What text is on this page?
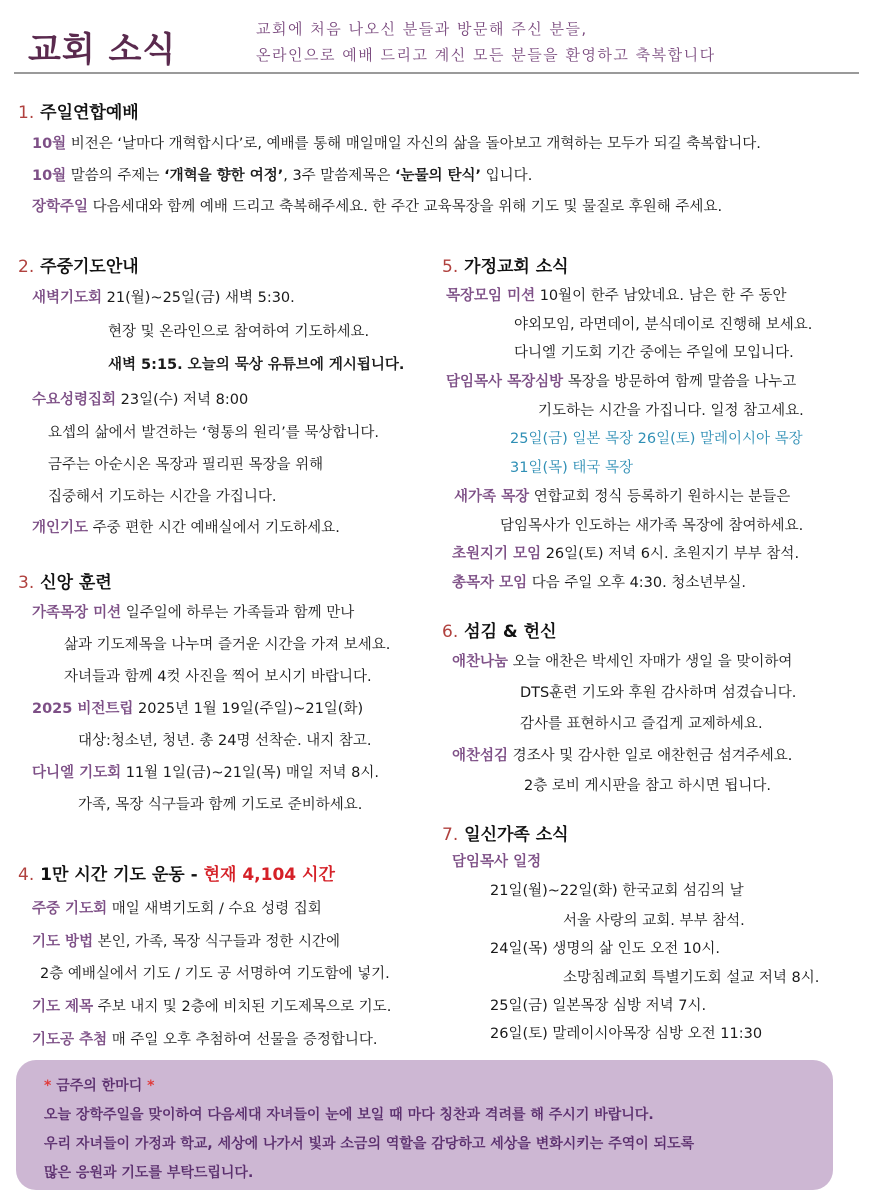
교회 소식
교회에 처음 나오신 분들과 방문해 주신 분들,
온라인으로 예배 드리고 계신 모든 분들을 환영하고 축복합니다
1. 주일연합예배
10월 비전은 ‘날마다 개혁합시다’로, 예배를 통해 매일매일 자신의 삶을 돌아보고 개혁하는 모두가 되길 축복합니다.
10월 말씀의 주제는 ‘개혁을 향한 여정’, 3주 말씀제목은 ‘눈물의 탄식’ 입니다.
장학주일 다음세대와 함께 예배 드리고 축복해주세요. 한 주간 교육목장을 위해 기도 및 물질로 후원해 주세요.
2. 주중기도안내
새벽기도회 21(월)~25일(금) 새벽 5:30.
현장 및 온라인으로 참여하여 기도하세요.
새벽 5:15. 오늘의 묵상 유튜브에 게시됩니다.
수요성령집회 23일(수) 저녁 8:00
요셉의 삶에서 발견하는 ‘형통의 원리’를 묵상합니다.
금주는 아순시온 목장과 필리핀 목장을 위해
집중해서 기도하는 시간을 가집니다.
개인기도 주중 편한 시간 예배실에서 기도하세요.
3. 신앙 훈련
가족목장 미션 일주일에 하루는 가족들과 함께 만나
삶과 기도제목을 나누며 즐거운 시간을 가져 보세요.
자녀들과 함께 4컷 사진을 찍어 보시기 바랍니다.
2025 비전트립 2025년 1월 19일(주일)~21일(화)
대상:청소년, 청년. 총 24명 선착순. 내지 참고.
다니엘 기도회 11월 1일(금)~21일(목) 매일 저녁 8시.
가족, 목장 식구들과 함께 기도로 준비하세요.
4. 1만 시간 기도 운동 - 현재 4,104 시간
주중 기도회 매일 새벽기도회 / 수요 성령 집회
기도 방법 본인, 가족, 목장 식구들과 정한 시간에
2층 예배실에서 기도 / 기도 공 서명하여 기도함에 넣기.
기도 제목 주보 내지 및 2층에 비치된 기도제목으로 기도.
기도공 추첨 매 주일 오후 추첨하여 선물을 증정합니다.
5. 가정교회 소식
목장모임 미션 10월이 한주 남았네요. 남은 한 주 동안
야외모임, 라면데이, 분식데이로 진행해 보세요.
다니엘 기도회 기간 중에는 주일에 모입니다.
담임목사 목장심방 목장을 방문하여 함께 말씀을 나누고
기도하는 시간을 가집니다. 일정 참고세요.
25일(금) 일본 목장 26일(토) 말레이시아 목장
31일(목) 태국 목장
새가족 목장 연합교회 정식 등록하기 원하시는 분들은
담임목사가 인도하는 새가족 목장에 참여하세요.
초원지기 모임 26일(토) 저녁 6시. 초원지기 부부 참석.
총목자 모임 다음 주일 오후 4:30. 청소년부실.
6. 섬김 & 헌신
애찬나눔 오늘 애찬은 박세인 자매가 생일 을 맞이하여
DTS훈련 기도와 후원 감사하며 섬겼습니다.
감사를 표현하시고 즐겁게 교제하세요.
애찬섬김 경조사 및 감사한 일로 애찬헌금 섬겨주세요.
2층 로비 게시판을 참고 하시면 됩니다.
7. 일신가족 소식
담임목사 일정
21일(월)~22일(화) 한국교회 섬김의 날
서울 사랑의 교회. 부부 참석.
24일(목) 생명의 삶 인도 오전 10시.
소망침례교회 특별기도회 설교 저녁 8시.
25일(금) 일본목장 심방 저녁 7시.
26일(토) 말레이시아목장 심방 오전 11:30
* 금주의 한마디 *
오늘 장학주일을 맞이하여 다음세대 자녀들이 눈에 보일 때 마다 칭찬과 격려를 해 주시기 바랍니다.
우리 자녀들이 가정과 학교, 세상에 나가서 빛과 소금의 역할을 감당하고 세상을 변화시키는 주역이 되도록
많은 응원과 기도를 부탁드립니다.
